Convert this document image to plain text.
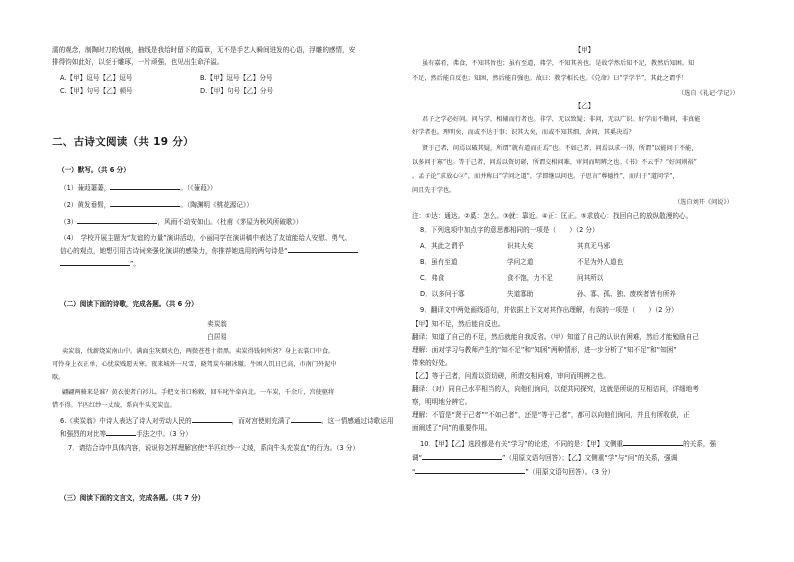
濡的观念，制陶时刀的划痕，抽线是我给时留下的篇章，无不是手艺人瞬间迸发的心语，浮雕的感情，安
排得钧如此好，以至于雕琢，一片顽强，也见出生命洋溢。
A.【甲】逗号【乙】逗号	B.【甲】逗号【乙】分号
C.【甲】句号【乙】顿号	D.【甲】句号【乙】分号
二、古诗文阅读（共 19 分）
（一）默写。（共 6 分）
（1）蒹葭萋萋，	。（《蒹葭》）
（2）黄发垂髫，	。（陶渊明《桃花源记》）
（3）	，风雨不动安如山。（杜甫《茅屋为秋风所破歌》）
（4）　学校开展主题为“友谊的力量”演讲活动，小丽同学在演讲稿中表达了友谊能给人安慰、勇气、
信心的观点，她想引用古诗词来强化演讲的感染力，你推荐她选用的两句诗是“
”。
（二）阅读下面的诗歌，完成各题。（共 6 分）
卖炭翁
白居易
卖炭翁，伐薪烧炭南山中。满面尘灰烟火色，两鬓苍苍十指黑。卖炭得钱何所营？身上衣裳口中食。
可怜身上衣正单，心忧炭贱愿天寒。夜来城外一尺雪，晓驾炭车辗冰辙。牛困人饥日已高，市南门外泥中
歇。
翩翩两骑来是谁？黄衣使者白衫儿。手把文书口称敕，回车叱牛牵向北。一车炭，千余斤，宫使驱将
惜不得。半匹红纱一丈绫，系向牛头充炭直。
6.《卖炭翁》中诗人表达了诗人对劳动人民的	，而对宫使则充满了	。这一情感通过诗歌运用
和强烈的对比等	手法之中。（3 分）
7．请结合诗中具体内容，说说你怎样理解宫使“半匹红纱一丈绫，系向牛头充炭直”的行为。（3 分）
（三）阅读下面的文言文，完成各题。（共 7 分）
【甲】
虽有嘉肴，弗食，不知其旨也；虽有至道，弗学，不知其善也。是故学然后知不足，教然后知困。知
不足，然后能自反也；知困，然后能自强也。故曰：教学相长也。《兑命》曰“学学半”，其此之谓乎！
（选自《礼记·学记》）
【乙】
君子之学必好问。问与学，相辅而行者也。非学，无以致疑；非问，无以广识。好学而不勤问，非真能
好学者也。理明矣，而或不达于事；识其大矣，而或不知其细，舍问，其奚决焉？
贤于己者，问焉以破其疑，所谓“就有道而正焉”也。不如己者，问焉以求一得，所谓“以能问于不能，
以多问于寡”也。等于己者，问焉以资切磋，所谓交相问难，审问而明辨之也。《书》不云乎？“好问则裕”
。孟子论“求放心②”，而并称曰“学问之道”，学即继以问也。子思言“尊德性”，而归于“道问学”，
问且先于学也。
（选自刘开《问说》）
注：①达：通达。②奚：怎么。③就：靠近。④正：匡正。⑤求放心：找回自己的放纵散漫的心。
8．下列选项中加点字的意思都相同的一项是（　　）（2 分）
A．其此之谓乎	识其大矣	其真无马邪
B．虽有至道	学问之道	不足为外人道也
C．弗食	食不饱，力不足	问其所以
D．以多问于寡	失道寡助	孙、寡、孤、独、废疾者皆有所养
9．翻译文中两处画线语句，并依据上下文对其作出理解，有误的一项是（　　）（2 分）
【甲】知不足，然后能自反也。
翻译：知道了自己的不足，然后就能自我反省。（甲）知道了自己的认识有困难，然后才能勉励自己
理解：面对学习与教师产生的“知不足”和“知困”两种情形，进一步分析了“知不足”和“知困”
带来的好处。
【乙】等于己者，问焉以资切磋，所谓交相问难，审问而明辨之也。
翻译：（对）同自己水平相当的人，向他们询问，以便共同探究，这就是所说的互相诘问，详细地考
察，明明地分辨它。
理解：不管是“贤于己者”“不如己者”，还是“等于己者”，都可以向他们询问，并且有所收获，正
面阐述了“问”的重要作用。
10．【甲】【乙】选段都是有关“学习”的论述，不同的是：【甲】文侧重	的关系，强
调“	”（用原文语句回答）；【乙】文侧重“学”与“问”的关系，强调
“	”（用原文语句回答）。（3 分）
